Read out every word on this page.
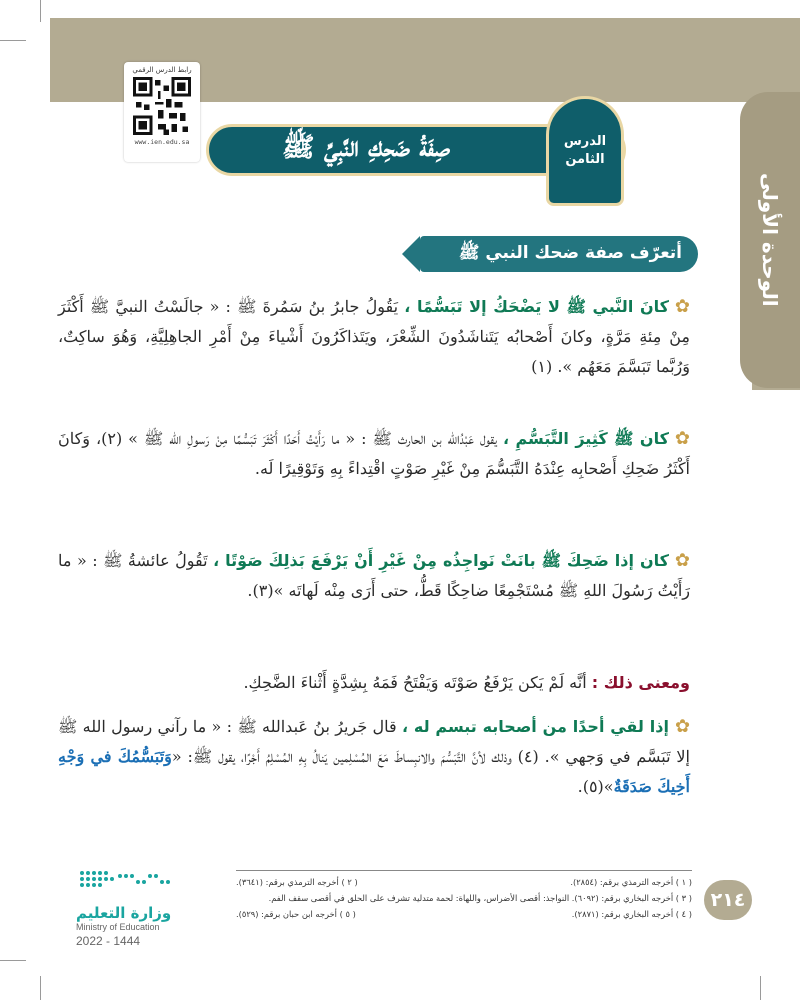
الوحدة الأولى
رابط الدرس الرقمي
www.ien.edu.sa	صِفَةُ ضَحِكِ النَّبِيِّ ﷺ	الدرس
الثامن
أتعرّف صفة ضحك النبي ﷺ
✿كانَ النَّبي ﷺ لا يَضْحَكُ إلا تَبَسُّمًا ، يَقُولُ جابرُ بنُ سَمُرةَ ﷺ : « جالَسْتُ النبيَّ ﷺ أَكْثَرَ مِنْ مِئةِ مَرَّةٍ، وكانَ أَصْحابُه يَتَناشَدُونَ الشِّعْرَ، ويَتَذاكَرُونَ أَشْياءَ مِنْ أَمْرِ الجاهِلِيَّةِ، وَهُوَ ساكِتٌ، وَرُبَّما تَبَسَّمَ مَعَهُم ». (١)
✿كان ﷺ كَثِيرَ التَّبَسُّمِ ، يقول عَبْدُالله بن الحارث ﷺ : « ما رَأَيْتُ أَحَدًا أَكْثَرَ تَبَسُّمًا مِنْ رَسولِ الله ﷺ » (٢)، وَكانَ أَكْثَرُ ضَحِكِ أَصْحابِه عِنْدَهُ التَّبَسُّمَ مِنْ غَيْرِ صَوْتٍ اقْتِداءً بِهِ وَتَوْقِيرًا لَه.
✿كان إذا ضَحِكَ ﷺ بانَتْ نَواجِذُه مِنْ غَيْرِ أَنْ يَرْفَعَ بَذلِكَ صَوْتًا ، تَقُولُ عائشةُ ﷺ : « ما رَأَيْتُ رَسُولَ اللهِ ﷺ مُسْتَجْمِعًا ضاحِكًا قَطُّ، حتى أَرَى مِنْه لَهاتَه »(٣).
ومعنى ذلك : أنَّه لَمْ يَكن يَرْفَعُ صَوْتَه وَيَفْتَحُ فَمَهُ بِشِدَّةٍ أَثْناءَ الضَّحِكِ.
✿إذا لقي أحدًا من أصحابه تبسم له ، قال جَريرُ بنُ عَبدالله ﷺ : « ما رآني رسول الله ﷺ إلا تَبَسَّم في وَجهي ». (٤) وذلك لأنَّ التَّبَسُّمَ والانبِساطَ مَعَ المُسْلِمين يَنالُ بِهِ المُسْلِمُ أَجْرًا، يقول ﷺ: «وَتَبَسُّمُكَ في وَجْهِ أَخِيكَ صَدَقَةٌ»(٥).
( ١ ) أخرجه الترمذي برقم: (٢٨٥٤).
( ٢ ) أخرجه الترمذي برقم: (٣٦٤١).
( ٣ ) أخرجه البخاري برقم: (٦٠٩٢). النواجذ: أقصى الأضراس، واللهاة: لحمة متدلية تشرف على الحلق في أقصى سقف الفم.
( ٤ ) أخرجه البخاري برقم: (٢٨٧١).
( ٥ ) أخرجه ابن حبان برقم: (٥٢٩).
٢١٤
وزارة التعليم
Ministry of Education
2022 - 1444
